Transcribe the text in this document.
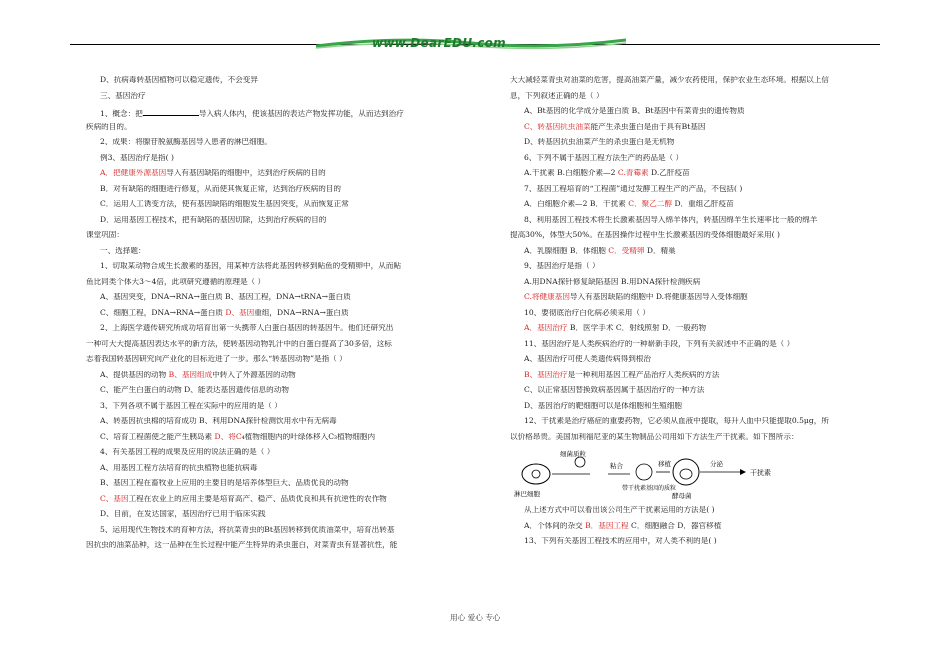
www.DearEDU.com
D、抗病毒转基因植物可以稳定遗传，不会变异
三、基因治疗
1、概念：把	导入病人体内，使该基因的表达产物发挥功能，从而达到治疗
疾病的目的。
2、成果：将腺苷脱氨酶基因导入患者的淋巴细胞。
例3、基因治疗是指( )
A．把健康外源基因导入有基因缺陷的细胞中，达到治疗疾病的目的
B．对有缺陷的细胞进行修复，从而使其恢复正常，达到治疗疾病的目的
C．运用人工诱变方法，使有基因缺陷的细胞发生基因突变，从而恢复正常
D．运用基因工程技术，把有缺陷的基因切除，达到治疗疾病的目的
课堂巩固：
一、选择题：
1、切取某动物合成生长激素的基因，用某种方法将此基因转移到鲇鱼的受精卵中，从而鲇
鱼比同类个体大3～4倍，此项研究遵循的原理是（ ）
A、基因突变，DNA→RNA→蛋白质 B、基因工程，DNA→tRNA→蛋白质
C、细胞工程，DNA→RNA→蛋白质 D、基因重组，DNA→RNA→蛋白质
2、上海医学遗传研究所成功培育出第一头携带人白蛋白基因的转基因牛。他们还研究出
一种可大大提高基因表达水平的新方法，使转基因动物乳汁中的白蛋白提高了30多倍，这标
志着我国转基因研究向产业化的目标近进了一步。那么“转基因动物”是指（ ）
A、提供基因的动物 B、基因组成中转入了外源基因的动物
C、能产生白蛋白的动物 D、能表达基因遗传信息的动物
3、下列各项不属于基因工程在实际中的应用的是（ ）
A、转基因抗虫棉的培育成功 B、利用DNA探针检测饮用水中有无病毒
C、培育工程菌使之能产生胰岛素 D、将C₄植物细胞内的叶绿体移入C₃植物细胞内
4、有关基因工程的成果及应用的说法正确的是（ ）
A、用基因工程方法培育的抗虫植物也能抗病毒
B、基因工程在畜牧业上应用的主要目的是培养体型巨大、品质优良的动物
C、基因工程在农业上的应用主要是培育高产、稳产、品质优良和具有抗逆性的农作物
D、目前，在发达国家，基因治疗已用于临床实践
5、运用现代生物技术的育种方法，将抗菜青虫的Bt基因转移到优质油菜中，培育出转基
因抗虫的油菜品种，这一品种在生长过程中能产生特异的杀虫蛋白，对菜青虫有显著抗性，能
大大减轻菜青虫对油菜的危害，提高油菜产量，减少农药使用，保护农业生态环境。根据以上信
息，下列叙述正确的是（ ）
A、Bt基因的化学成分是蛋白质 B、Bt基因中有菜青虫的遗传物质
C、转基因抗虫油菜能产生杀虫蛋白是由于具有Bt基因
D、转基因抗虫油菜产生的杀虫蛋白是无机物
6、下列不属于基因工程方法生产的药品是（ ）
A.干扰素 B.白细胞介素—2 C.青霉素 D.乙肝疫苗
7、基因工程培育的“工程菌”通过发酵工程生产的产品，不包括( )
A．白细胞介素—2 B．干扰素 C．聚乙二醇 D．重组乙肝疫苗
8、利用基因工程技术将生长激素基因导入绵羊体内，转基因绵羊生长速率比一般的绵羊
提高30%，体型大50%。在基因操作过程中生长激素基因的受体细胞最好采用( )
A．乳腺细胞 B．体细胞 C．受精卵 D．精巢
9、基因治疗是指（ ）
A.用DNA探针修复缺陷基因 B.用DNA探针检测疾病
C.将健康基因导入有基因缺陷的细胞中 D.将健康基因导入受体细胞
10、要彻底治疗白化病必须采用（ ）
A．基因治疗 B．医学手术 C．射线照射 D．一般药物
11、基因治疗是人类疾病治疗的一种崭新手段，下列有关叙述中不正确的是（ ）
A、基因治疗可使人类遗传病得到根治
B、基因治疗是一种利用基因工程产品治疗人类疾病的方法
C、以正常基因替换致病基因属于基因治疗的一种方法
D、基因治疗的靶细胞可以是体细胞和生殖细胞
12、干扰素是治疗癌症的重要药物，它必须从血液中提取，每升人血中只能提取0.5μg，所
以价格昂贵。美国加利福尼亚的某生物制品公司用如下方法生产干扰素。如下图所示：
淋巴细胞
细菌质粒
粘合
带干扰素基因的质粒
移植
酵母菌
分泌
干扰素
从上述方式中可以看出该公司生产干扰素运用的方法是( )
A．个体间的杂交 B．基因工程 C．细胞融合 D．器官移植
13、下列有关基因工程技术的应用中，对人类不利的是( )
用心 爱心 专心
